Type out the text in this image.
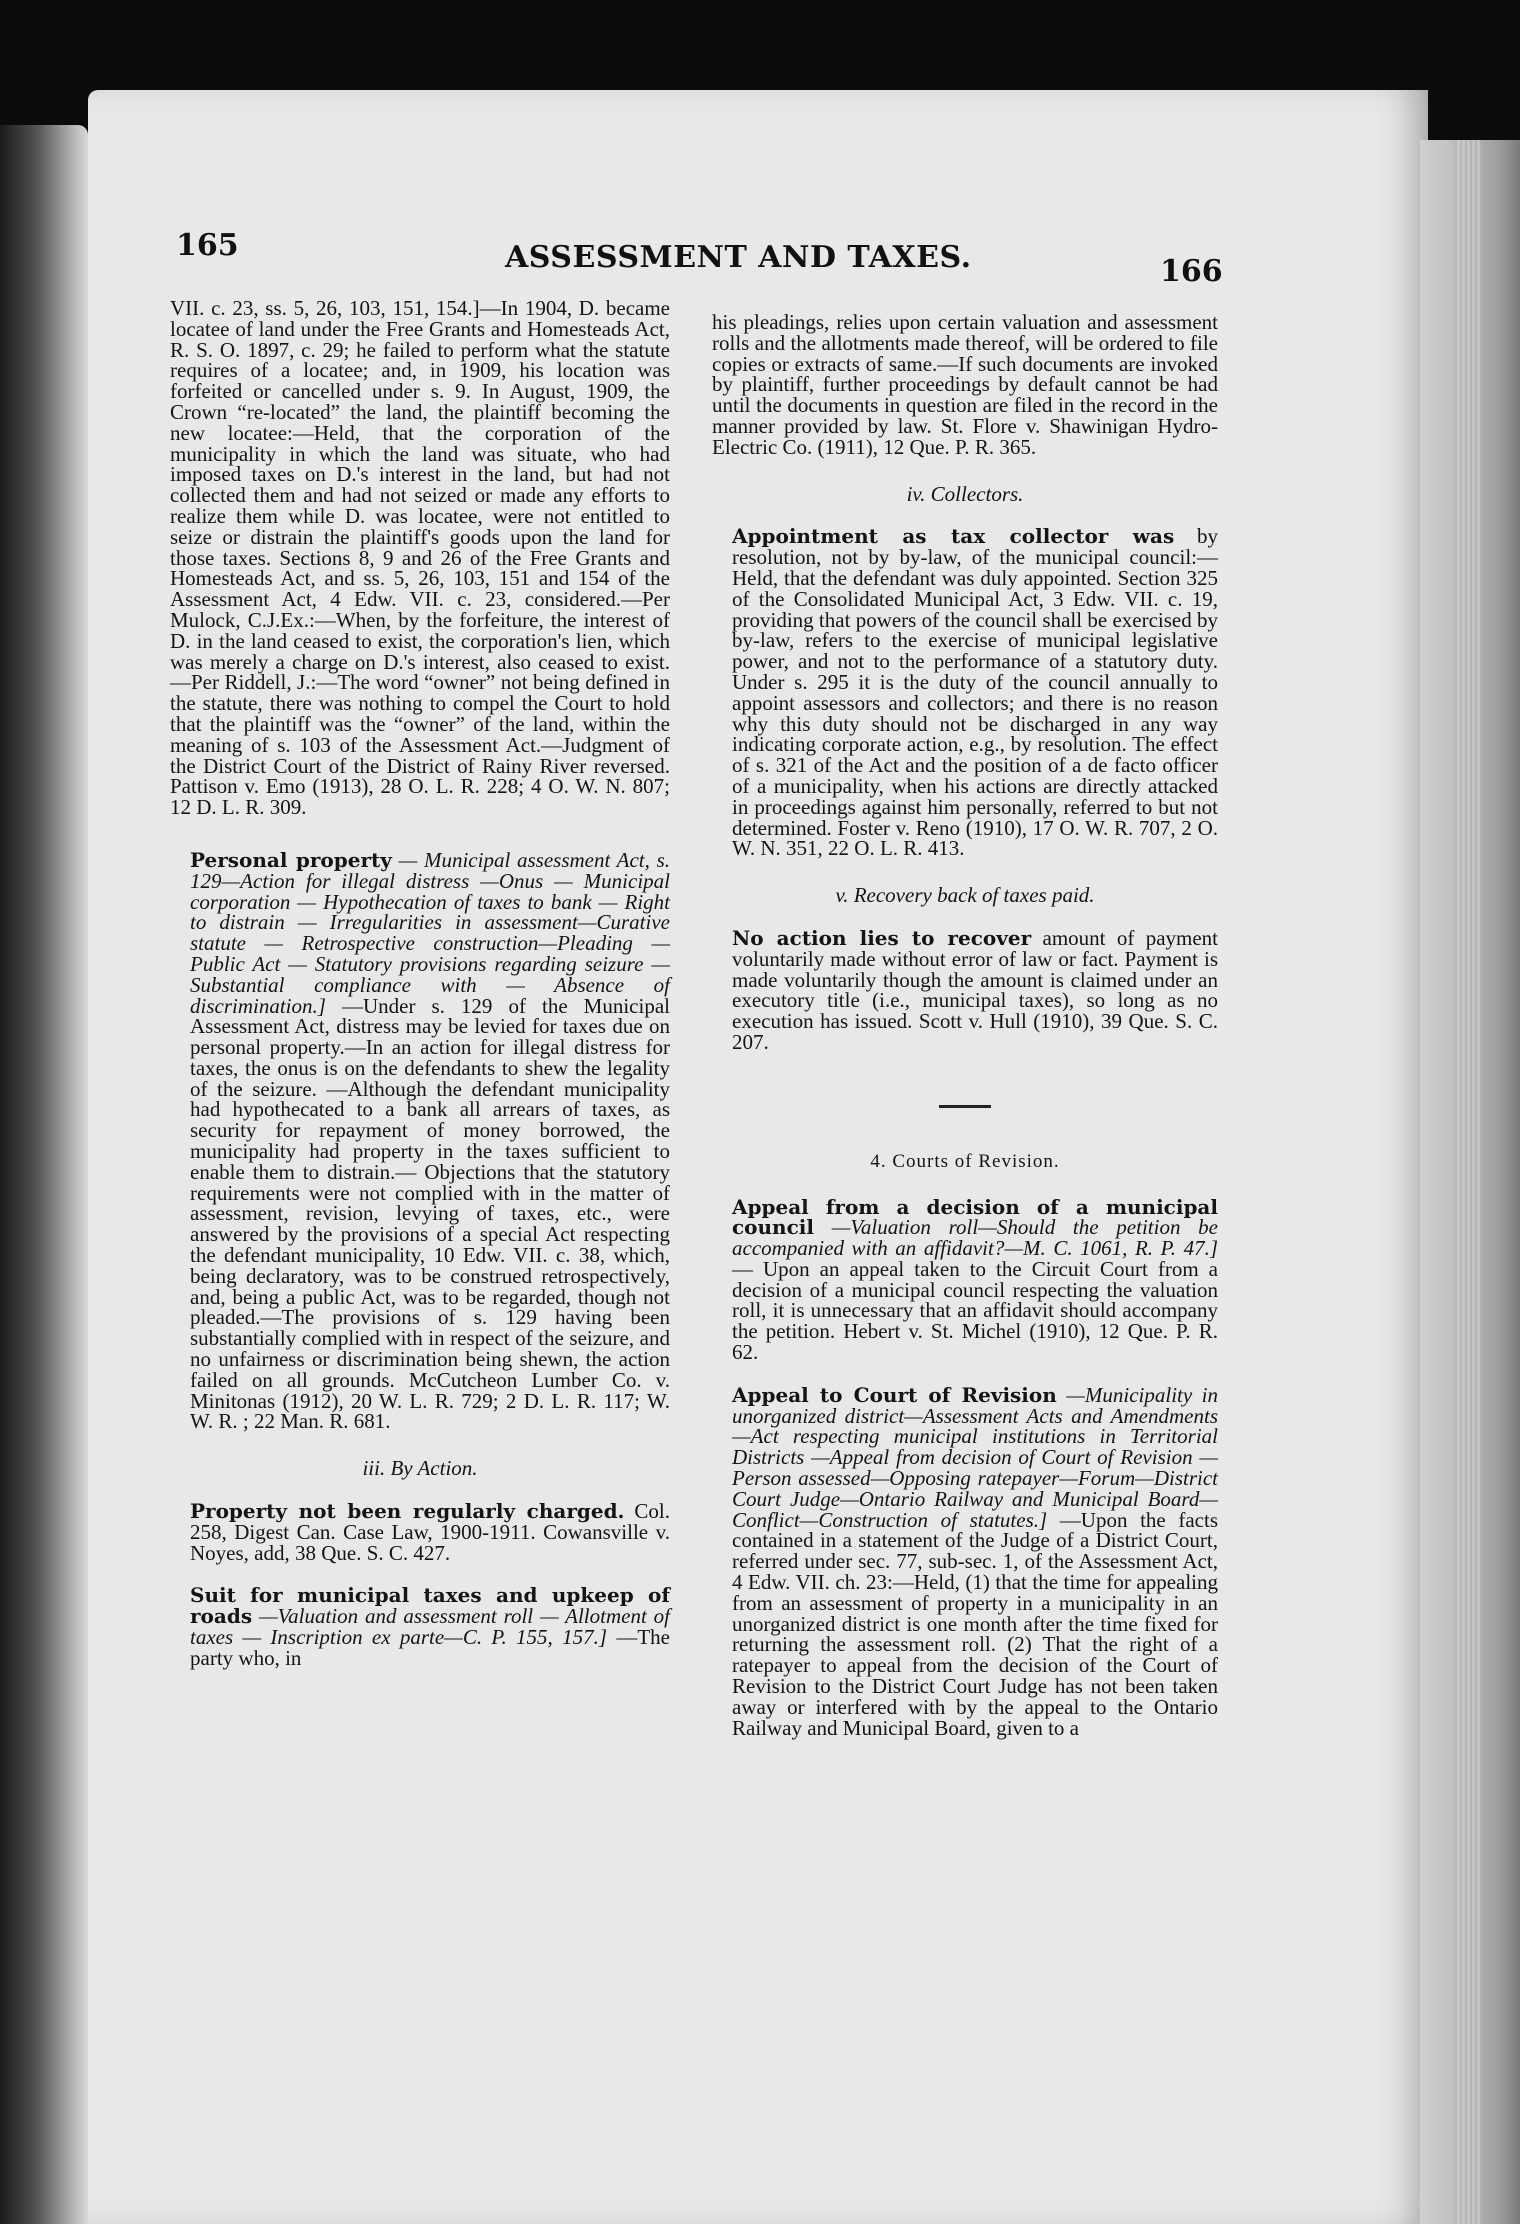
165	ASSESSMENT AND TAXES.	166

VII. c. 23, ss. 5, 26, 103, 151, 154.]—In 1904, D. became locatee of land under the Free Grants and Homesteads Act, R. S. O. 1897, c. 29; he failed to perform what the statute requires of a locatee; and, in 1909, his location was forfeited or cancelled under s. 9. In August, 1909, the Crown “re-located” the land, the plaintiff becoming the new locatee:—Held, that the corporation of the municipality in which the land was situate, who had imposed taxes on D.'s interest in the land, but had not collected them and had not seized or made any efforts to realize them while D. was locatee, were not entitled to seize or distrain the plaintiff's goods upon the land for those taxes. Sections 8, 9 and 26 of the Free Grants and Homesteads Act, and ss. 5, 26, 103, 151 and 154 of the Assessment Act, 4 Edw. VII. c. 23, considered.—Per Mulock, C.J.Ex.:—When, by the forfeiture, the interest of D. in the land ceased to exist, the corporation's lien, which was merely a charge on D.'s interest, also ceased to exist.—Per Riddell, J.:—The word “owner” not being defined in the statute, there was nothing to compel the Court to hold that the plaintiff was the “owner” of the land, within the meaning of s. 103 of the Assessment Act.—Judgment of the District Court of the District of Rainy River reversed. Pattison v. Emo (1913), 28 O. L. R. 228; 4 O. W. N. 807; 12 D. L. R. 309.

Personal property — Municipal assessment Act, s. 129—Action for illegal distress —Onus — Municipal corporation — Hypothecation of taxes to bank — Right to distrain — Irregularities in assessment—Curative statute — Retrospective construction—Pleading — Public Act — Statutory provisions regarding seizure — Substantial compliance with — Absence of discrimination.] —Under s. 129 of the Municipal Assessment Act, distress may be levied for taxes due on personal property.—In an action for illegal distress for taxes, the onus is on the defendants to shew the legality of the seizure. —Although the defendant municipality had hypothecated to a bank all arrears of taxes, as security for repayment of money borrowed, the municipality had property in the taxes sufficient to enable them to distrain.— Objections that the statutory requirements were not complied with in the matter of assessment, revision, levying of taxes, etc., were answered by the provisions of a special Act respecting the defendant municipality, 10 Edw. VII. c. 38, which, being declaratory, was to be construed retrospectively, and, being a public Act, was to be regarded, though not pleaded.—The provisions of s. 129 having been substantially complied with in respect of the seizure, and no unfairness or discrimination being shewn, the action failed on all grounds. McCutcheon Lumber Co. v. Minitonas (1912), 20 W. L. R. 729; 2 D. L. R. 117; W. W. R. ; 22 Man. R. 681.

iii. By Action.

Property not been regularly charged. Col. 258, Digest Can. Case Law, 1900-1911. Cowansville v. Noyes, add, 38 Que. S. C. 427.

Suit for municipal taxes and upkeep of roads —Valuation and assessment roll — Allotment of taxes — Inscription ex parte—C. P. 155, 157.] —The party who, in

his pleadings, relies upon certain valuation and assessment rolls and the allotments made thereof, will be ordered to file copies or extracts of same.—If such documents are invoked by plaintiff, further proceedings by default cannot be had until the documents in question are filed in the record in the manner provided by law. St. Flore v. Shawinigan Hydro-Electric Co. (1911), 12 Que. P. R. 365.

iv. Collectors.

Appointment as tax collector was by resolution, not by by-law, of the municipal council:—Held, that the defendant was duly appointed. Section 325 of the Consolidated Municipal Act, 3 Edw. VII. c. 19, providing that powers of the council shall be exercised by by-law, refers to the exercise of municipal legislative power, and not to the performance of a statutory duty. Under s. 295 it is the duty of the council annually to appoint assessors and collectors; and there is no reason why this duty should not be discharged in any way indicating corporate action, e.g., by resolution. The effect of s. 321 of the Act and the position of a de facto officer of a municipality, when his actions are directly attacked in proceedings against him personally, referred to but not determined. Foster v. Reno (1910), 17 O. W. R. 707, 2 O. W. N. 351, 22 O. L. R. 413.

v. Recovery back of taxes paid.

No action lies to recover amount of payment voluntarily made without error of law or fact. Payment is made voluntarily though the amount is claimed under an executory title (i.e., municipal taxes), so long as no execution has issued. Scott v. Hull (1910), 39 Que. S. C. 207.

4. Courts of Revision.

Appeal from a decision of a municipal council —Valuation roll—Should the petition be accompanied with an affidavit?—M. C. 1061, R. P. 47.] — Upon an appeal taken to the Circuit Court from a decision of a municipal council respecting the valuation roll, it is unnecessary that an affidavit should accompany the petition. Hebert v. St. Michel (1910), 12 Que. P. R. 62.

Appeal to Court of Revision —Municipality in unorganized district—Assessment Acts and Amendments—Act respecting municipal institutions in Territorial Districts —Appeal from decision of Court of Revision — Person assessed—Opposing ratepayer—Forum—District Court Judge—Ontario Railway and Municipal Board—Conflict—Construction of statutes.] —Upon the facts contained in a statement of the Judge of a District Court, referred under sec. 77, sub-sec. 1, of the Assessment Act, 4 Edw. VII. ch. 23:—Held, (1) that the time for appealing from an assessment of property in a municipality in an unorganized district is one month after the time fixed for returning the assessment roll. (2) That the right of a ratepayer to appeal from the decision of the Court of Revision to the District Court Judge has not been taken away or interfered with by the appeal to the Ontario Railway and Municipal Board, given to a
